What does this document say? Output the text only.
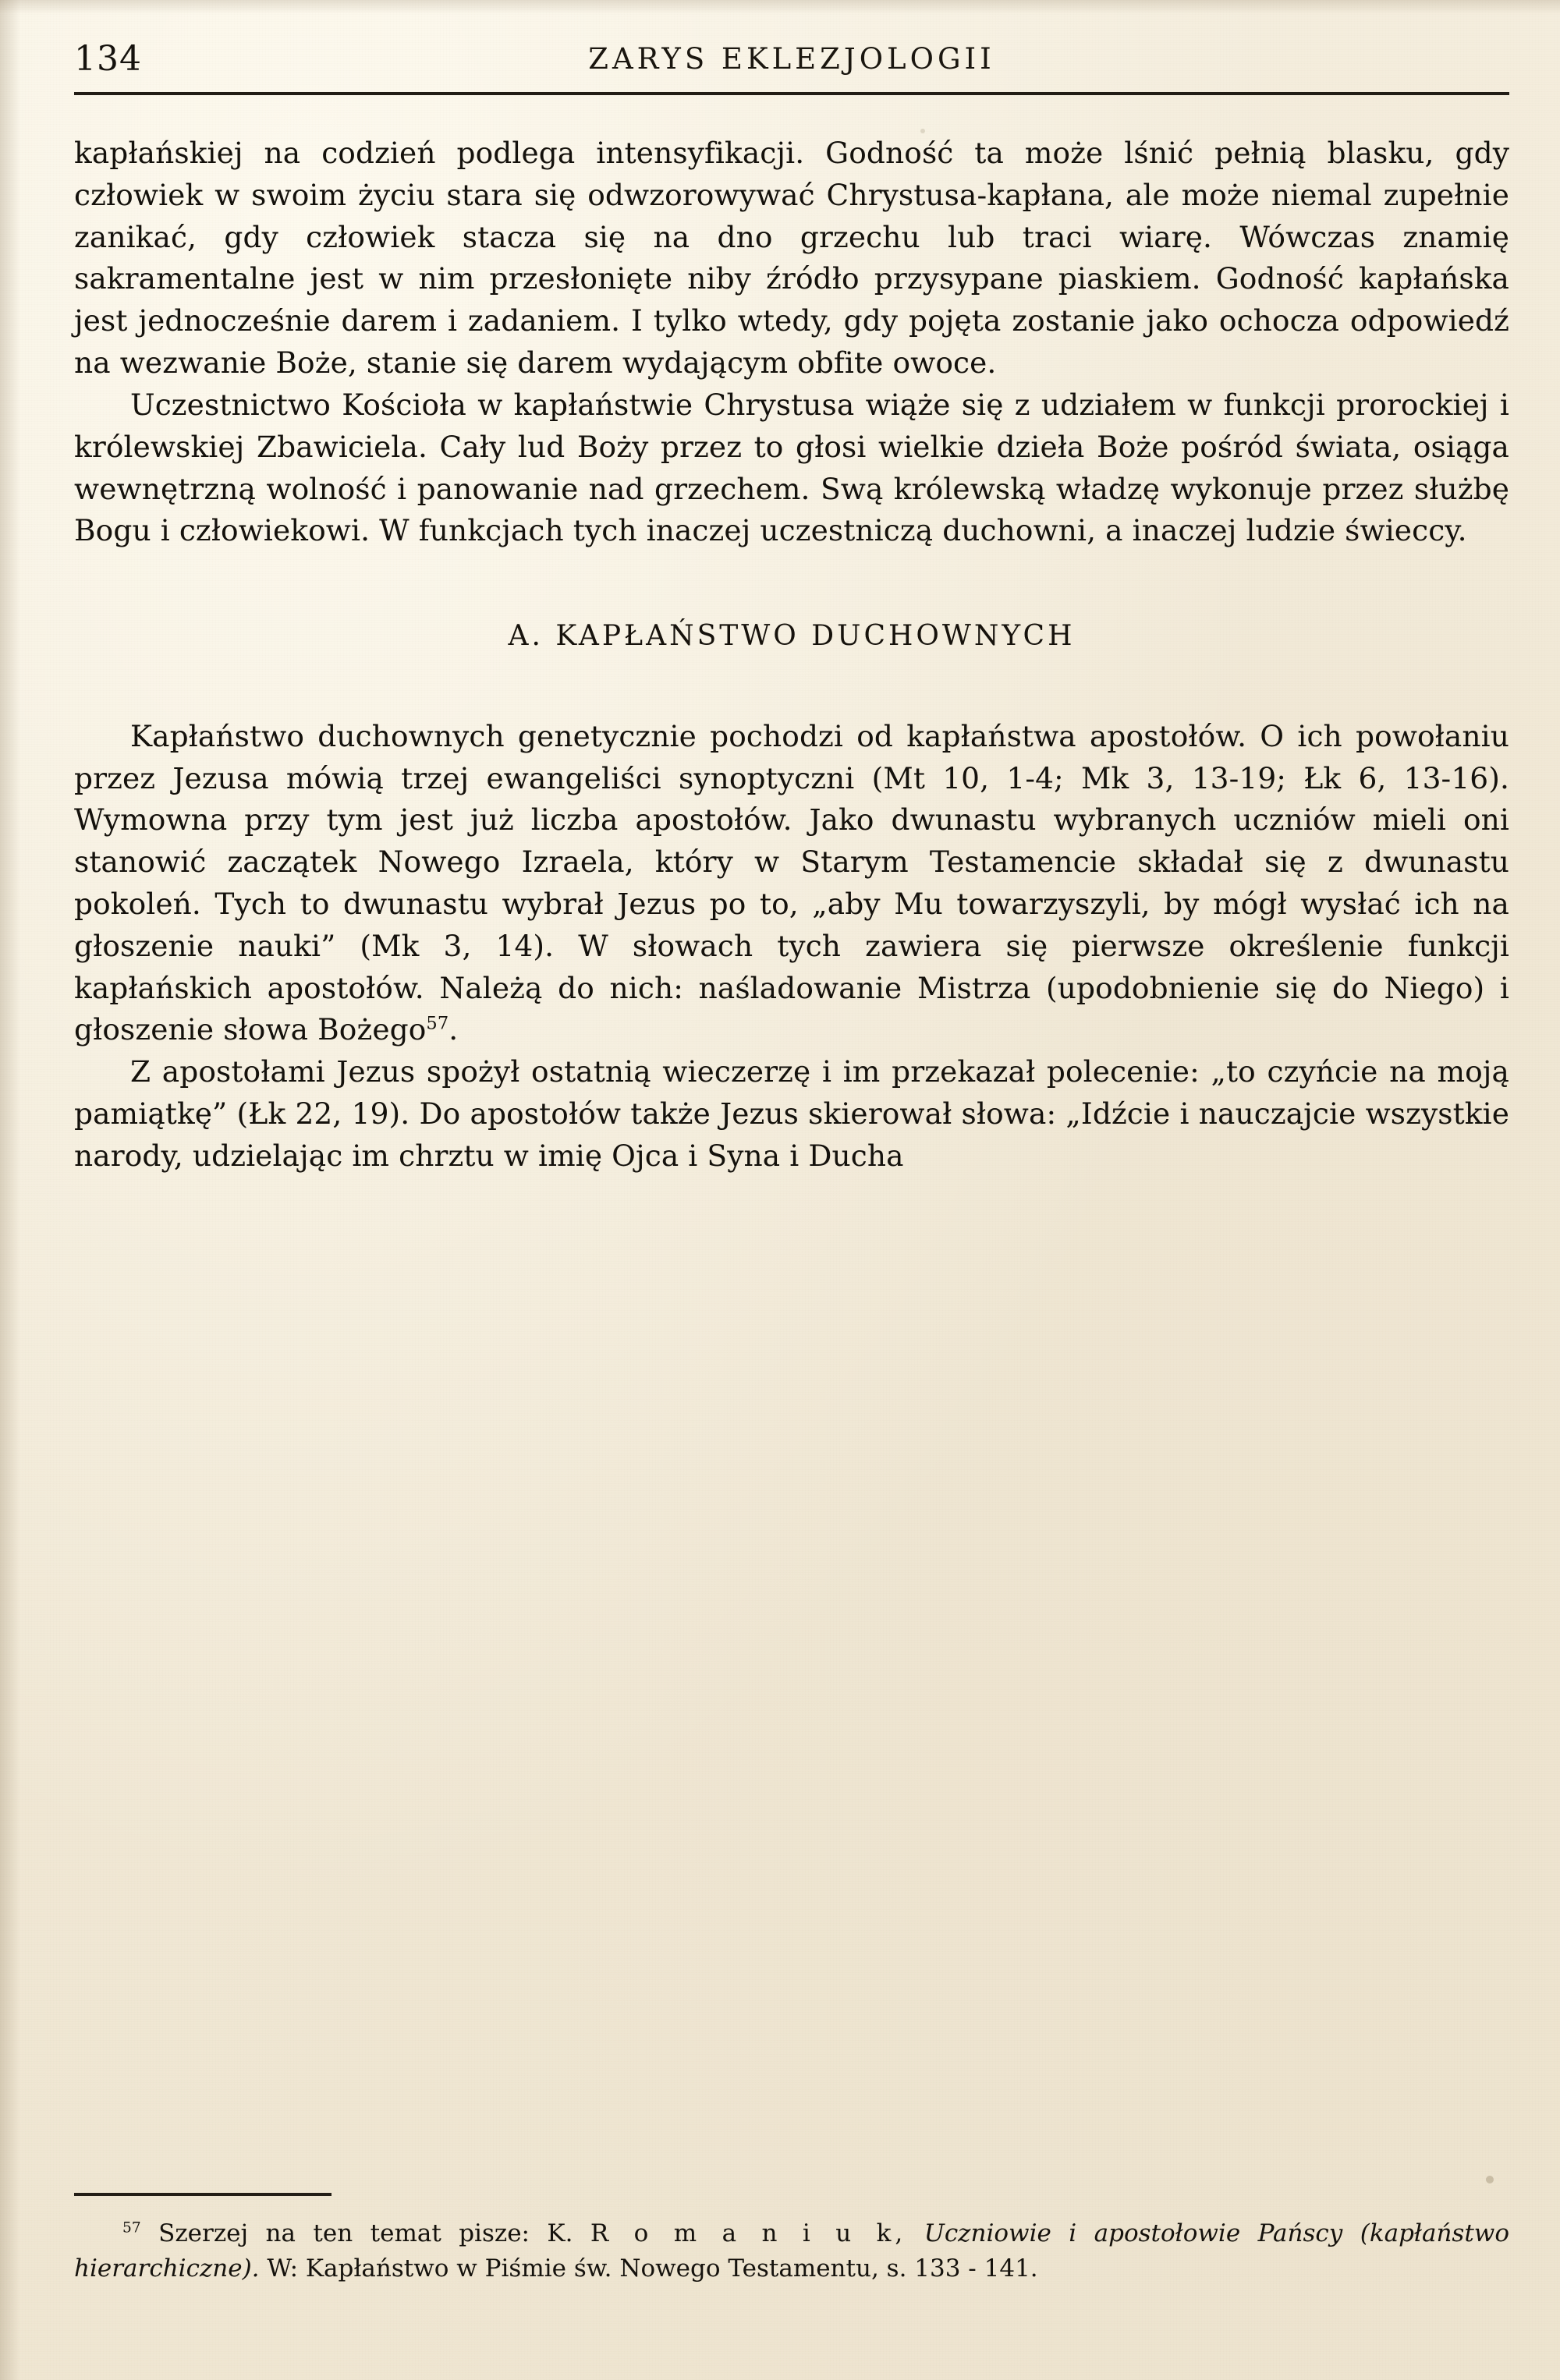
134	ZARYS EKLEZJOLOGII

kapłańskiej na codzień podlega intensyfikacji. Godność ta może lśnić pełnią blasku, gdy człowiek w swoim życiu stara się odwzorowywać Chrystusa-kapłana, ale może niemal zupełnie zanikać, gdy człowiek stacza się na dno grzechu lub traci wiarę. Wówczas znamię sakramentalne jest w nim przesłonięte niby źródło przysypane piaskiem. Godność kapłańska jest jednocześnie darem i zadaniem. I tylko wtedy, gdy pojęta zostanie jako ochocza odpowiedź na wezwanie Boże, stanie się darem wydającym obfite owoce.

Uczestnictwo Kościoła w kapłaństwie Chrystusa wiąże się z udziałem w funkcji prorockiej i królewskiej Zbawiciela. Cały lud Boży przez to głosi wielkie dzieła Boże pośród świata, osiąga wewnętrzną wolność i panowanie nad grzechem. Swą królewską władzę wykonuje przez służbę Bogu i człowiekowi. W funkcjach tych inaczej uczestniczą duchowni, a inaczej ludzie świeccy.

A. KAPŁAŃSTWO DUCHOWNYCH

Kapłaństwo duchownych genetycznie pochodzi od kapłaństwa apostołów. O ich powołaniu przez Jezusa mówią trzej ewangeliści synoptyczni (Mt 10, 1-4; Mk 3, 13-19; Łk 6, 13-16). Wymowna przy tym jest już liczba apostołów. Jako dwunastu wybranych uczniów mieli oni stanowić zaczątek Nowego Izraela, który w Starym Testamencie składał się z dwunastu pokoleń. Tych to dwunastu wybrał Jezus po to, „aby Mu towarzyszyli, by mógł wysłać ich na głoszenie nauki” (Mk 3, 14). W słowach tych zawiera się pierwsze określenie funkcji kapłańskich apostołów. Należą do nich: naśladowanie Mistrza (upodobnienie się do Niego) i głoszenie słowa Bożego$^{57}$.

Z apostołami Jezus spożył ostatnią wieczerzę i im przekazał polecenie: „to czyńcie na moją pamiątkę” (Łk 22, 19). Do apostołów także Jezus skierował słowa: „Idźcie i nauczajcie wszystkie narody, udzielając im chrztu w imię Ojca i Syna i Ducha

$^{57}$ Szerzej na ten temat pisze: K. R o m a n i u k, Uczniowie i apostołowie Pańscy (kapłaństwo hierarchiczne). W: Kapłaństwo w Piśmie św. Nowego Testamentu, s. 133 - 141.
